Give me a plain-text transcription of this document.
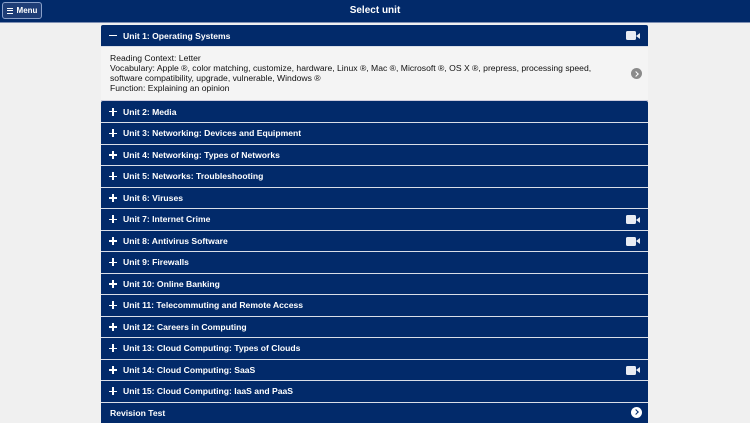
Menu	Select unit
Unit 1: Operating Systems
Reading Context: Letter
Vocabulary: Apple ®, color matching, customize, hardware, Linux ®, Mac ®, Microsoft ®, OS X ®, prepress, processing speed, software compatibility, upgrade, vulnerable, Windows ®
Function: Explaining an opinion
Unit 2: Media
Unit 3: Networking: Devices and Equipment
Unit 4: Networking: Types of Networks
Unit 5: Networks: Troubleshooting
Unit 6: Viruses
Unit 7: Internet Crime
Unit 8: Antivirus Software
Unit 9: Firewalls
Unit 10: Online Banking
Unit 11: Telecommuting and Remote Access
Unit 12: Careers in Computing
Unit 13: Cloud Computing: Types of Clouds
Unit 14: Cloud Computing: SaaS
Unit 15: Cloud Computing: IaaS and PaaS
Revision Test
